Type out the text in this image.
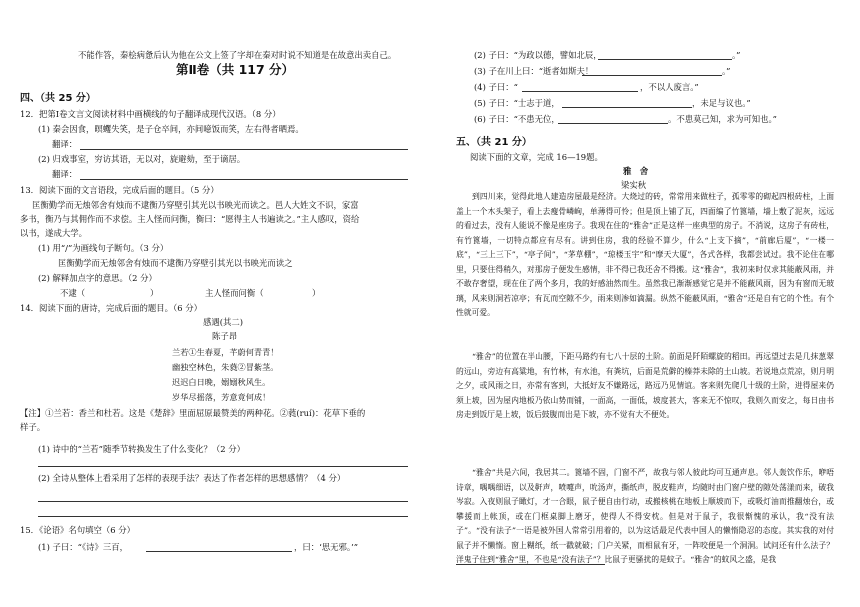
不能作答，秦桧病惫后认为他在公文上签了字却在秦对时说不知道是在故意出卖自己。
第Ⅱ卷（共 117 分）
四、（共 25 分）
12．把第Ⅰ卷文言文阅读材料中画横线的句子翻译成现代汉语。（8 分）
(1) 秦会因食，暝蠼失笑，是子仓卒间，亦间噫饭而笑，左右得者晒焉。
翻译：
(2) 归戏事室，穷访其语，无以对，旋避劾，至于谪居。
翻译：
13．阅读下面的文言语段，完成后面的题目。（5 分）
匡衡勤学而无烛邻舍有烛而不逮衡乃穿壁引其光以书映光而读之。邑人大姓文不识，家富
多书，衡乃与其佣作而不求偿。主人怪而问衡，衡曰：“愿得主人书遍读之。”主人感叹，资给
以书，遂成大学。
(1) 用“/”为画线句子断句。（3 分）
匡衡勤学而无烛邻舍有烛而不逮衡乃穿壁引其光以书映光而读之
(2) 解释加点字的意思。（2 分）
不逮（	）	主人怪而问衡（	）
14．阅读下面的唐诗，完成后面的题目。（6 分）
感遇(其二)
陈子昂
兰若①生春夏，芊蔚何青青！
幽独空林色，朱蕤②冒紫茎。
迟迟白日晚，嫋嫋秋风生。
岁华尽摇落，芳意竟何成！
【注】①兰若：香兰和杜若。这是《楚辞》里面屈原最赞美的两种花。②蕤(ruí)：花草下垂的
样子。
(1) 诗中的“兰若”随季节转换发生了什么变化？（2 分）
(2) 全诗从整体上看采用了怎样的表现手法？表达了作者怎样的思想感情？（4 分）
15．《论语》名句填空（6 分）
(1) 子曰：“《诗》三百，	，曰：‘思无邪。’”
(2) 子曰：“为政以德，譬如北辰，	。”
(3) 子在川上曰：“逝者如斯夫！	。”
(4) 子曰：“	，不以人废言。”
(5) 子曰：“士志于道，	，未足与议也。”
(6) 子曰：“不患无位，	。不患莫己知，求为可知也。”
五、（共 21 分）
阅读下面的文章，完成 16—19题。
雅　舍
梁实秋
到四川来，觉得此地人建造房屋最是经济。大烧过的砖，常常用来做柱子，孤零零的砌起四根砖柱，上面盖上一个木头架子，看上去瘦骨嶙峋，单薄得可怜；但是顶上铺了瓦，四面编了竹篦墙，墙上敷了泥灰，远远的看过去，没有人能说不像是座房子。我现在住的“雅舍”正是这样一座典型的房子。不消说，这房子有砖柱，有竹篦墙，一切特点都应有尽有。讲到住房，我的经验不算少，什么“上支下摘”，“前廊后厦”，“一楼一底”，“三上三下”，“亭子间”，“茅草棚”，“琼楼玉宇”和“摩天大厦”，各式各样，我都尝试过。我不论住在哪里，只要住得稍久，对那房子便发生感情，非不得已我还舍不得搬。这“雅舍”，我初来时仅求其能蔽风雨，并不敢存奢望，现在住了两个多月，我的好感油然而生。虽然我已渐渐感觉它是并不能蔽风雨，因为有窗而无玻璃，风来则洞若凉亭；有瓦而空隙不少，雨来则渗如滴漏。纵然不能蔽风雨，“雅舍”还是自有它的个性。有个性就可爱。
“雅舍”的位置在半山腰，下距马路约有七八十层的土阶。前面是阡陌螺旋的稻田。再远望过去是几抹葱翠的远山，旁边有高粱地，有竹林，有水池，有粪坑，后面是荒僻的榛莽未除的土山坡。若说地点荒凉，则月明之夕，或风雨之日，亦常有客到，大抵好友不嫌路远，路远乃见情谊。客来则先爬几十级的土阶，进得屋来仍须上坡，因为屋内地板乃依山势而铺，一面高，一面低，坡度甚大，客来无不惊叹，我则久而安之，每日由书房走到饭厅是上坡，饭后鼓腹而出是下坡，亦不觉有大不便处。
“雅舍”共是六间，我居其二。篦墙不固，门窗不严，故我与邻人彼此均可互通声息。邻人轰饮作乐，咿唔诗章，喁喁细语，以及鼾声，喷嚏声，吮汤声，撕纸声，脱皮鞋声，均随时由门窗户壁的隙处荡漾而来，破我岑寂。入夜则鼠子瞰灯，才一合眼，鼠子便自由行动，或搬核桃在地板上顺坡而下，或吸灯油而推翻烛台，或攀援而上帐顶，或在门框桌脚上磨牙，使得人不得安枕。但是对于鼠子，我很惭愧的承认，我“没有法子”。“没有法子”一语是被外国人常常引用着的，以为这话最足代表中国人的懒惰隐忍的态度。其实我的对付鼠子并不懒惰。窗上糊纸，纸一戳就破；门户关紧，而相鼠有牙，一阵咬便是一个洞洞。试问还有什么法子？洋鬼子住到“雅舍”里，不也是“没有法子”？比鼠子更骚扰的是蚊子。“雅舍”的蚊风之盛，是我
